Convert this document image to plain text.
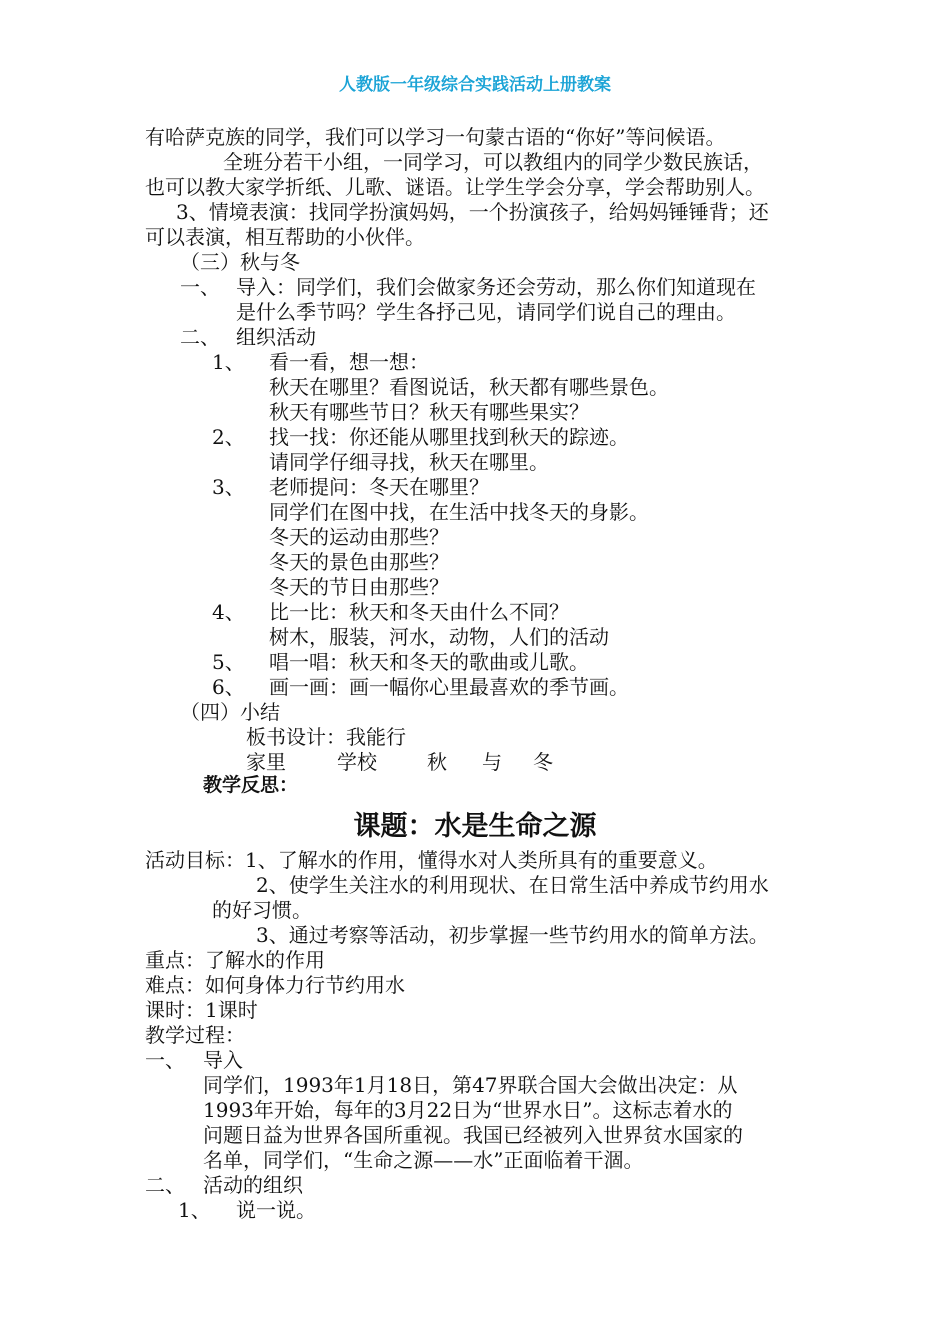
人教版一年级综合实践活动上册教案
有哈萨克族的同学，我们可以学习一句蒙古语的“你好”等问候语。
全班分若干小组，一同学习，可以教组内的同学少数民族话，
也可以教大家学折纸、儿歌、谜语。让学生学会分享，学会帮助别人。
3、情境表演：找同学扮演妈妈，一个扮演孩子，给妈妈锤锤背；还
可以表演，相互帮助的小伙伴。
（三）秋与冬
一、 导入：同学们，我们会做家务还会劳动，那么你们知道现在
是什么季节吗？学生各抒己见，请同学们说自己的理由。
二、 组织活动
1、 看一看，想一想：
秋天在哪里？看图说话，秋天都有哪些景色。
秋天有哪些节日？秋天有哪些果实？
2、 找一找：你还能从哪里找到秋天的踪迹。
请同学仔细寻找，秋天在哪里。
3、 老师提问：冬天在哪里？
同学们在图中找，在生活中找冬天的身影。
冬天的运动由那些？
冬天的景色由那些？
冬天的节日由那些？
4、 比一比：秋天和冬天由什么不同？
树木，服装，河水，动物，人们的活动
5、 唱一唱：秋天和冬天的歌曲或儿歌。
6、 画一画：画一幅你心里最喜欢的季节画。
（四）小结
板书设计：我能行
家里	学校	秋 与 冬
教学反思：
课题：水是生命之源
活动目标：1、了解水的作用，懂得水对人类所具有的重要意义。
2、使学生关注水的利用现状、在日常生活中养成节约用水
的好习惯。
3、通过考察等活动，初步掌握一些节约用水的简单方法。
重点：了解水的作用
难点：如何身体力行节约用水
课时：1课时
教学过程：
一、 导入
同学们，1993年1月18日，第47界联合国大会做出决定：从
1993年开始，每年的3月22日为“世界水日”。这标志着水的
问题日益为世界各国所重视。我国已经被列入世界贫水国家的
名单，同学们，“生命之源——水”正面临着干涸。
二、 活动的组织
1、 说一说。
